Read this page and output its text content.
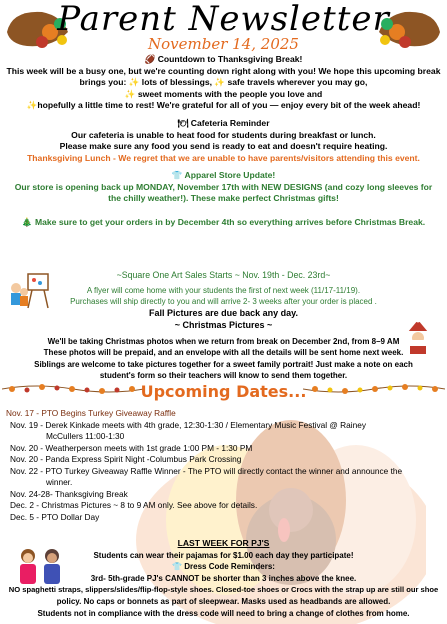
Parent Newsletter
November 14, 2025

🏈 Countdown to Thanksgiving Break!

This week will be a busy one, but we're counting down right along with you! We hope this upcoming break

brings you: ✨ lots of blessings, ✨ safe travels wherever you may go,

✨ sweet moments with the people you love and

✨hopefully a little time to rest! We're grateful for all of you — enjoy every bit of the week ahead!

🍽 Cafeteria Reminder

Our cafeteria is unable to heat food for students during breakfast or lunch.

Please make sure any food you send is ready to eat and doesn't require heating.

Thanksgiving Lunch - We regret that we are unable to have parents/visitors attending this event.

👕 Apparel Store Update!

Our store is opening back up MONDAY, November 17th with NEW DESIGNS (and cozy long sleeves for

the chilly weather!). These make perfect Christmas gifts!

🎄 Make sure to get your orders in by December 4th so everything arrives before Christmas Break.

~Square One Art Sales Starts ~ Nov. 19th - Dec. 23rd~

A flyer will come home with your students the first of next week (11/17-11/19).

Purchases will ship directly to you and will arrive 2- 3 weeks after your order is placed .

Fall Pictures are due back any day.

~ Christmas Pictures ~

We'll be taking Christmas photos when we return from break on December 2nd, from 8–9 AM

These photos will be prepaid, and an envelope with all the details will be sent home next week.

Siblings are welcome to take pictures together for a sweet family portrait! Just make a note on each

student's form so their teachers will know to send them together.

Upcoming Dates...
Nov. 17 - PTO Begins Turkey Giveaway Raffle
Nov. 19 - Derek Kinkade meets with 4th grade, 12:30-1:30 / Elementary Music Festival @ Rainey
McCullers 11:00-1:30
Nov. 20 - Weatherperson meets with 1st grade 1:00 PM - 1:30 PM
Nov. 20 - Panda Express Spirit Night -Columbus Park Crossing
Nov. 22 - PTO Turkey Giveaway Raffle Winner - The PTO will directly contact the winner and announce the
winner.
Nov. 24-28- Thanksgiving Break
Dec. 2 - Christmas Pictures ~ 8 to 9 AM only. See above for details.
Dec. 5 - PTO Dollar Day

LAST WEEK FOR PJ'S

Students can wear their pajamas for $1.00 each day they participate!

👕 Dress Code Reminders:

3rd- 5th-grade PJ's CANNOT be shorter than 3 inches above the knee.

NO spaghetti straps, slippers/slides/flip-flop-style shoes. Closed-toe shoes or Crocs with the strap up are still our shoe

policy. No caps or bonnets as part of sleepwear. Masks used as headbands are allowed.

Students not in compliance with the dress code will need to bring a change of clothes from home.
